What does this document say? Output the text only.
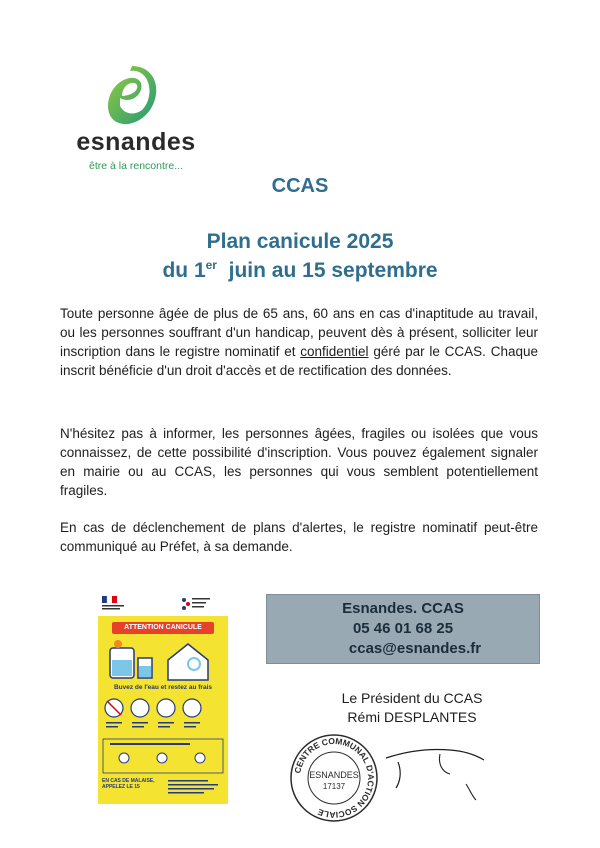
esnandes
être à la rencontre...
CCAS
Plan canicule 2025
du 1er  juin au 15 septembre
Toute personne âgée de plus de 65 ans, 60 ans en cas d'inaptitude au travail, ou les personnes souffrant d'un handicap, peuvent dès à présent, solliciter leur inscription dans le registre nominatif et confidentiel géré par le CCAS. Chaque inscrit bénéficie d'un droit d'accès et de rectification des données.
N'hésitez pas à informer, les personnes âgées, fragiles ou isolées que vous connaissez, de cette possibilité d'inscription. Vous pouvez également signaler en mairie ou au CCAS, les personnes qui vous semblent potentiellement fragiles.
En cas de déclenchement de plans d'alertes, le registre nominatif peut-être communiqué au Préfet, à sa demande.
ATTENTION CANICULE
Buvez de l'eau et restez au frais
EN CAS DE MALAISE, APPELEZ LE 15
Esnandes. CCAS
05 46 01 68 25
ccas@esnandes.fr
Le Président du CCAS
Rémi DESPLANTES
CENTRE COMMUNAL D'ACTION SOCIALE
ESNANDES
17137
